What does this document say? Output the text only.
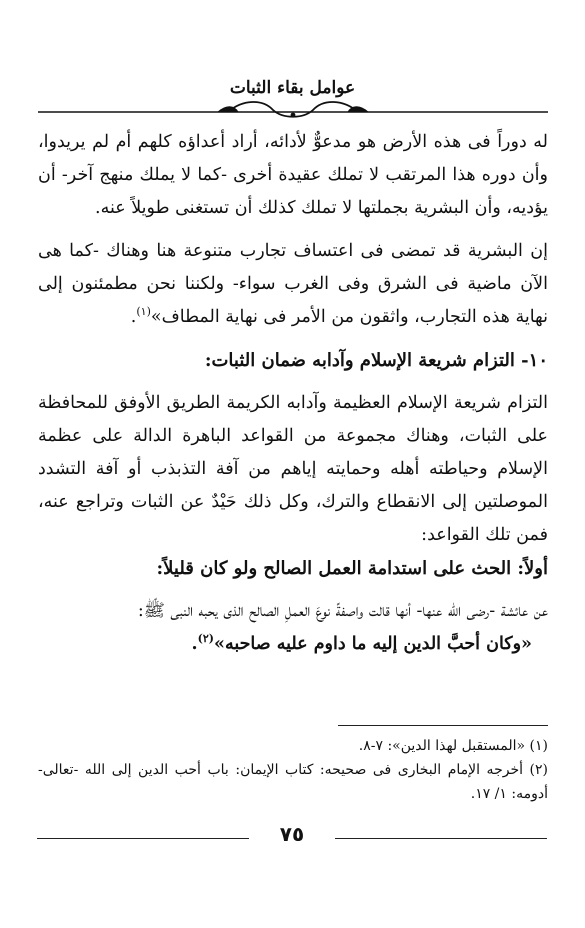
عوامل بقاء الثبات

له دوراً فى هذه الأرض هو مدعوٌّ لأدائه، أراد أعداؤه كلهم أم لم يريدوا، وأن دوره هذا المرتقب لا تملك عقيدة أخرى -كما لا يملك منهج آخر- أن يؤديه، وأن البشرية بجملتها لا تملك كذلك أن تستغنى طويلاً عنه.

إن البشرية قد تمضى فى اعتساف تجارب متنوعة هنا وهناك -كما هى الآن ماضية فى الشرق وفى الغرب سواء- ولكننا نحن مطمئنون إلى نهاية هذه التجارب، واثقون من الأمر فى نهاية المطاف»$^{(١)}$.

١٠- التزام شريعة الإسلام وآدابه ضمان الثبات:

التزام شريعة الإسلام العظيمة وآدابه الكريمة الطريق الأوفق للمحافظة على الثبات، وهناك مجموعة من القواعد الباهرة الدالة على عظمة الإسلام وحياطته أهله وحمايته إياهم من آفة التذبذب أو آفة التشدد الموصلتين إلى الانقطاع والترك، وكل ذلك حَيْدٌ عن الثبات وتراجع عنه، فمن تلك القواعد:

أولاً: الحث على استدامة العمل الصالح ولو كان قليلاً:

عن عائشة -رضى الله عنها- أنها قالت واصفةً نوعَ العملِ الصالح الذى يحبه النبى ﷺ:

«وكان أحبَّ الدين إليه ما داوم عليه صاحبه»$^{(٢)}$.

(١) «المستقبل لهذا الدين»: ٧-٨.

(٢) أخرجه الإمام البخارى فى صحيحه: كتاب الإيمان: باب أحب الدين إلى الله -تعالى- أدومه: ١/ ١٧.

٧٥
